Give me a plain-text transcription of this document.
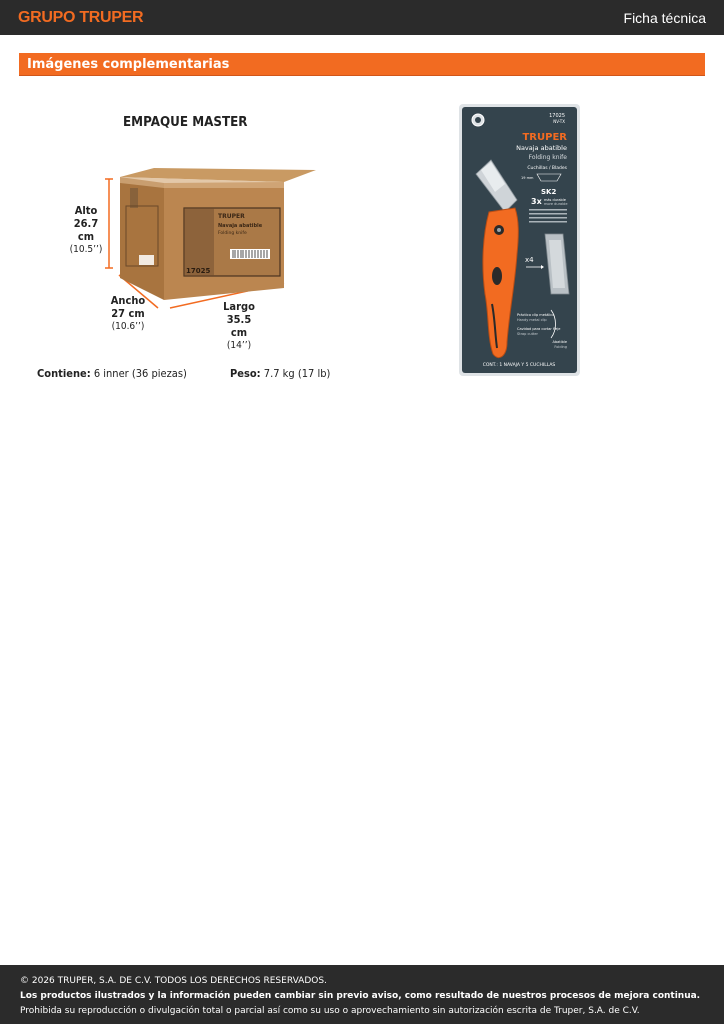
GRUPO TRUPER	Ficha técnica
Imágenes complementarias
EMPAQUE MASTER
TRUPER
Navaja abatible
Folding knife
17025
Alto
26.7 cm
(10.5’’)
Ancho
27 cm
(10.6’’)
Largo
35.5 cm
(14’’)
Contiene: 6 inner (36 piezas)	Peso: 7.7 kg (17 lb)
17025
NV-TX
TRUPER
Navaja abatible
Folding knife
Cuchillas / Blades
19 mm
SK2
3x más durable
more durable
x4
Práctico clip metálico
Handy metal clip
Cavidad para cortar fleje
Strap cutter
Abatible
Folding
CONT.: 1 NAVAJA Y 5 CUCHILLAS

© 2026 TRUPER, S.A. DE C.V. TODOS LOS DERECHOS RESERVADOS.

Los productos ilustrados y la información pueden cambiar sin previo aviso, como resultado de nuestros procesos de mejora continua.

Prohibida su reproducción o divulgación total o parcial así como su uso o aprovechamiento sin autorización escrita de Truper, S.A. de C.V.
